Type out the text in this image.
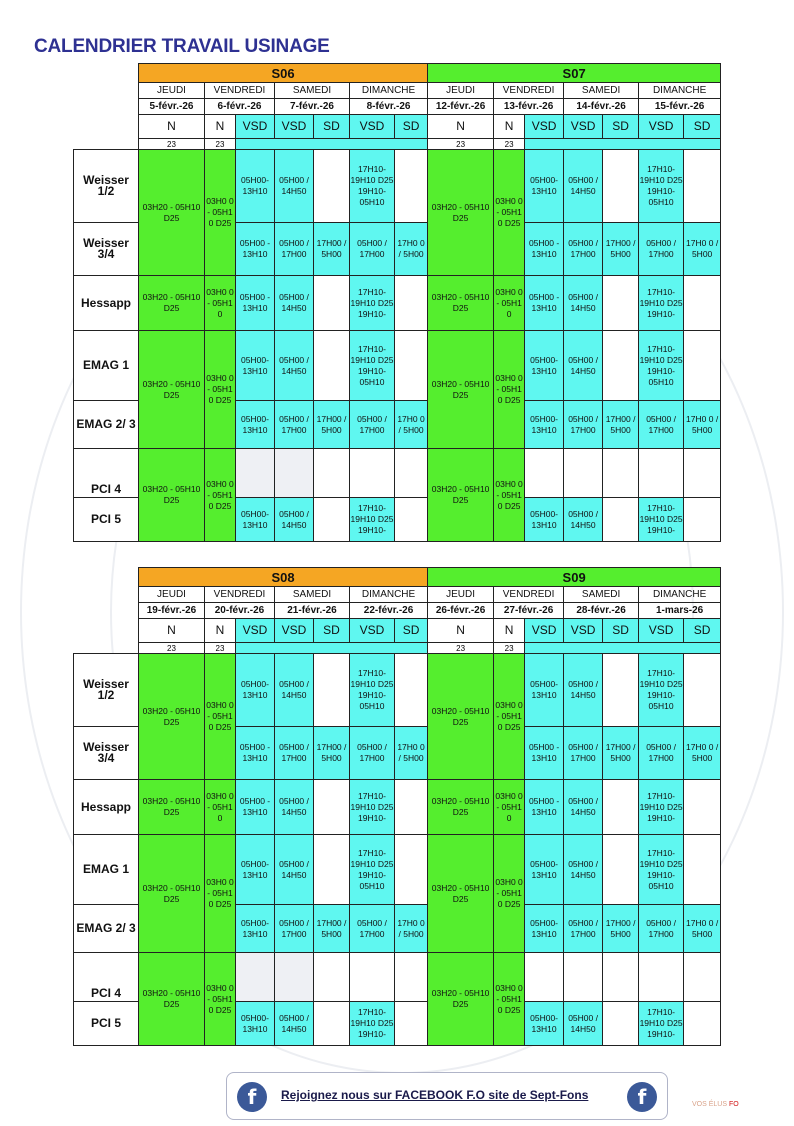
CALENDRIER TRAVAIL USINAGE
	S06							S07						
	JEUDI	VENDREDI		SAMEDI		DIMANCHE		JEUDI	VENDREDI		SAMEDI		DIMANCHE	
	5-févr.-26	6-févr.-26		7-févr.-26		8-févr.-26		12-févr.-26	13-févr.-26		14-févr.-26		15-févr.-26	
	N	N	VSD	VSD	SD	VSD	SD	N	N	VSD	VSD	SD	VSD	SD
	23	23						23	23					
Weisser 1/2	03H20 - 05H10 D25	03H0 0 - 05H1 0 D25	05H00- 13H10	05H00 / 14H50		17H10- 19H10 D25 19H10- 05H10		03H20 - 05H10 D25	03H0 0 - 05H1 0 D25	05H00- 13H10	05H00 / 14H50		17H10- 19H10 D25 19H10- 05H10	
Weisser 3/4			05H00 - 13H10	05H00 / 17H00	17H00 / 5H00	05H00 / 17H00	17H0 0 / 5H00			05H00 - 13H10	05H00 / 17H00	17H00 / 5H00	05H00 / 17H00	17H0 0 / 5H00
Hessapp	03H20 - 05H10 D25	03H0 0 - 05H1 0	05H00 - 13H10	05H00 / 14H50		17H10- 19H10 D25 19H10-		03H20 - 05H10 D25	03H0 0 - 05H1 0	05H00 - 13H10	05H00 / 14H50		17H10- 19H10 D25 19H10-	
EMAG 1	03H20 - 05H10 D25	03H0 0 - 05H1 0 D25	05H00- 13H10	05H00 / 14H50		17H10- 19H10 D25 19H10- 05H10		03H20 - 05H10 D25	03H0 0 - 05H1 0 D25	05H00- 13H10	05H00 / 14H50		17H10- 19H10 D25 19H10- 05H10	
EMAG 2/ 3			05H00- 13H10	05H00 / 17H00	17H00 / 5H00	05H00 / 17H00	17H0 0 / 5H00			05H00- 13H10	05H00 / 17H00	17H00 / 5H00	05H00 / 17H00	17H0 0 / 5H00
PCI 4	03H20 - 05H10 D25	03H0 0 - 05H1 0 D25						03H20 - 05H10 D25	03H0 0 - 05H1 0 D25					
PCI 5			05H00- 13H10	05H00 / 14H50		17H10- 19H10 D25 19H10-				05H00- 13H10	05H00 / 14H50		17H10- 19H10 D25 19H10-	
	S08							S09						
	JEUDI	VENDREDI		SAMEDI		DIMANCHE		JEUDI	VENDREDI		SAMEDI		DIMANCHE	
	19-févr.-26	20-févr.-26		21-févr.-26		22-févr.-26		26-févr.-26	27-févr.-26		28-févr.-26		1-mars-26	
	N	N	VSD	VSD	SD	VSD	SD	N	N	VSD	VSD	SD	VSD	SD
	23	23						23	23					
Weisser 1/2	03H20 - 05H10 D25	03H0 0 - 05H1 0 D25	05H00- 13H10	05H00 / 14H50		17H10- 19H10 D25 19H10- 05H10		03H20 - 05H10 D25	03H0 0 - 05H1 0 D25	05H00- 13H10	05H00 / 14H50		17H10- 19H10 D25 19H10- 05H10	
Weisser 3/4			05H00 - 13H10	05H00 / 17H00	17H00 / 5H00	05H00 / 17H00	17H0 0 / 5H00			05H00 - 13H10	05H00 / 17H00	17H00 / 5H00	05H00 / 17H00	17H0 0 / 5H00
Hessapp	03H20 - 05H10 D25	03H0 0 - 05H1 0	05H00 - 13H10	05H00 / 14H50		17H10- 19H10 D25 19H10-		03H20 - 05H10 D25	03H0 0 - 05H1 0	05H00 - 13H10	05H00 / 14H50		17H10- 19H10 D25 19H10-	
EMAG 1	03H20 - 05H10 D25	03H0 0 - 05H1 0 D25	05H00- 13H10	05H00 / 14H50		17H10- 19H10 D25 19H10- 05H10		03H20 - 05H10 D25	03H0 0 - 05H1 0 D25	05H00- 13H10	05H00 / 14H50		17H10- 19H10 D25 19H10- 05H10	
EMAG 2/ 3			05H00- 13H10	05H00 / 17H00	17H00 / 5H00	05H00 / 17H00	17H0 0 / 5H00			05H00- 13H10	05H00 / 17H00	17H00 / 5H00	05H00 / 17H00	17H0 0 / 5H00
PCI 4	03H20 - 05H10 D25	03H0 0 - 05H1 0 D25						03H20 - 05H10 D25	03H0 0 - 05H1 0 D25					
PCI 5			05H00- 13H10	05H00 / 14H50		17H10- 19H10 D25 19H10-				05H00- 13H10	05H00 / 14H50		17H10- 19H10 D25 19H10-	
f	Rejoignez nous sur FACEBOOK F.O site de Sept-Fons	f	VOS ÉLUS FO
